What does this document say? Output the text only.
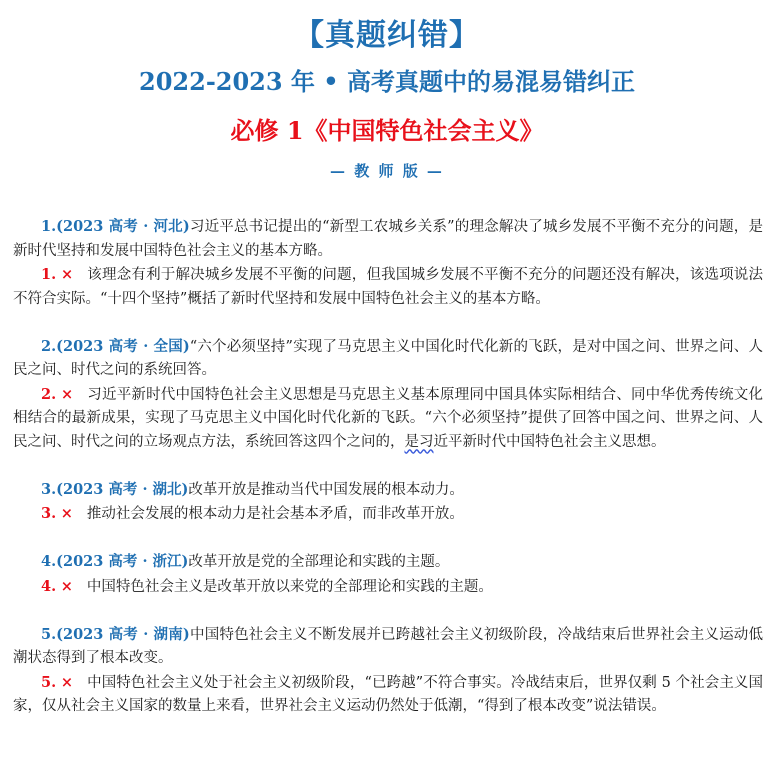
【真题纠错】
2022-2023 年 • 高考真题中的易混易错纠正
必修 1《中国特色社会主义》
— 教 师 版 —

1.(2023 高考 · 河北)习近平总书记提出的“新型工农城乡关系”的理念解决了城乡发展不平衡不充分的问题，是新时代坚持和发展中国特色社会主义的基本方略。

1. × 该理念有利于解决城乡发展不平衡的问题，但我国城乡发展不平衡不充分的问题还没有解决，该选项说法不符合实际。“十四个坚持”概括了新时代坚持和发展中国特色社会主义的基本方略。

2.(2023 高考 · 全国)“六个必须坚持”实现了马克思主义中国化时代化新的飞跃，是对中国之问、世界之问、人民之问、时代之问的系统回答。

2. × 习近平新时代中国特色社会主义思想是马克思主义基本原理同中国具体实际相结合、同中华优秀传统文化相结合的最新成果，实现了马克思主义中国化时代化新的飞跃。“六个必须坚持”提供了回答中国之问、世界之问、人民之问、时代之问的立场观点方法，系统回答这四个之问的，是习近平新时代中国特色社会主义思想。

3.(2023 高考 · 湖北)改革开放是推动当代中国发展的根本动力。

3. × 推动社会发展的根本动力是社会基本矛盾，而非改革开放。

4.(2023 高考 · 浙江)改革开放是党的全部理论和实践的主题。

4. × 中国特色社会主义是改革开放以来党的全部理论和实践的主题。

5.(2023 高考 · 湖南)中国特色社会主义不断发展并已跨越社会主义初级阶段，冷战结束后世界社会主义运动低潮状态得到了根本改变。

5. × 中国特色社会主义处于社会主义初级阶段，“已跨越”不符合事实。冷战结束后，世界仅剩 5 个社会主义国家，仅从社会主义国家的数量上来看，世界社会主义运动仍然处于低潮，“得到了根本改变”说法错误。
